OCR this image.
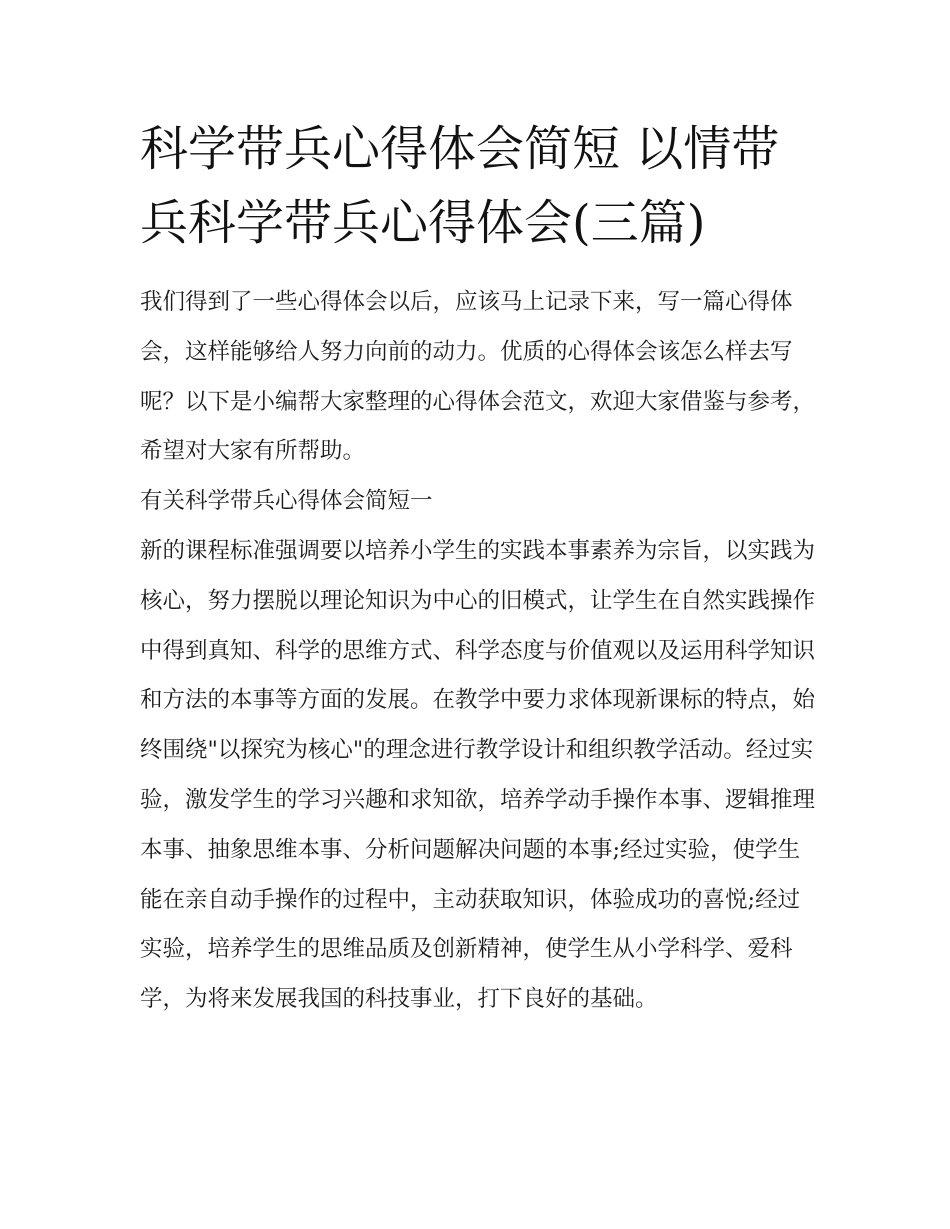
科学带兵心得体会简短 以情带兵科学带兵心得体会(三篇)

我们得到了一些心得体会以后，应该马上记录下来，写一篇心得体会，这样能够给人努力向前的动力。优质的心得体会该怎么样去写呢？以下是小编帮大家整理的心得体会范文，欢迎大家借鉴与参考，希望对大家有所帮助。

有关科学带兵心得体会简短一

新的课程标准强调要以培养小学生的实践本事素养为宗旨，以实践为核心，努力摆脱以理论知识为中心的旧模式，让学生在自然实践操作中得到真知、科学的思维方式、科学态度与价值观以及运用科学知识和方法的本事等方面的发展。在教学中要力求体现新课标的特点，始终围绕"以探究为核心"的理念进行教学设计和组织教学活动。经过实验，激发学生的学习兴趣和求知欲，培养学动手操作本事、逻辑推理本事、抽象思维本事、分析问题解决问题的本事;经过实验，使学生能在亲自动手操作的过程中，主动获取知识，体验成功的喜悦;经过实验，培养学生的思维品质及创新精神，使学生从小学科学、爱科学，为将来发展我国的科技事业，打下良好的基础。
